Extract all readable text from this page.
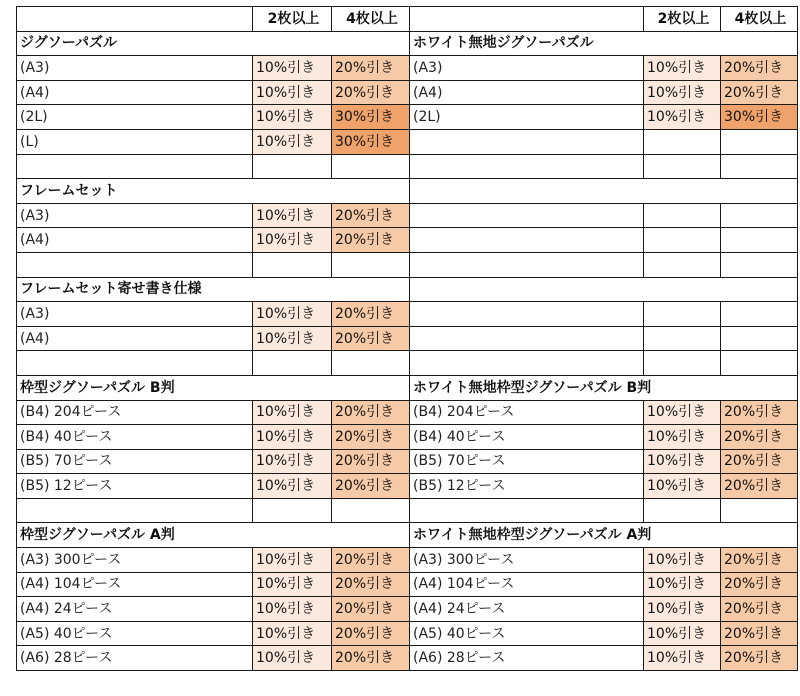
	2枚以上	4枚以上		2枚以上	4枚以上
ジグソーパズル			ホワイト無地ジグソーパズル		
(A3)	10%引き	20%引き	(A3)	10%引き	20%引き
(A4)	10%引き	20%引き	(A4)	10%引き	20%引き
(2L)	10%引き	30%引き	(2L)	10%引き	30%引き
(L)	10%引き	30%引き			

フレームセット					
(A3)	10%引き	20%引き			
(A4)	10%引き	20%引き			

フレームセット寄せ書き仕様					
(A3)	10%引き	20%引き			
(A4)	10%引き	20%引き			

枠型ジグソーパズル B判			ホワイト無地枠型ジグソーパズル B判		
(B4) 204ピース	10%引き	20%引き	(B4) 204ピース	10%引き	20%引き
(B4) 40ピース	10%引き	20%引き	(B4) 40ピース	10%引き	20%引き
(B5) 70ピース	10%引き	20%引き	(B5) 70ピース	10%引き	20%引き
(B5) 12ピース	10%引き	20%引き	(B5) 12ピース	10%引き	20%引き

枠型ジグソーパズル A判			ホワイト無地枠型ジグソーパズル A判		
(A3) 300ピース	10%引き	20%引き	(A3) 300ピース	10%引き	20%引き
(A4) 104ピース	10%引き	20%引き	(A4) 104ピース	10%引き	20%引き
(A4) 24ピース	10%引き	20%引き	(A4) 24ピース	10%引き	20%引き
(A5) 40ピース	10%引き	20%引き	(A5) 40ピース	10%引き	20%引き
(A6) 28ピース	10%引き	20%引き	(A6) 28ピース	10%引き	20%引き
